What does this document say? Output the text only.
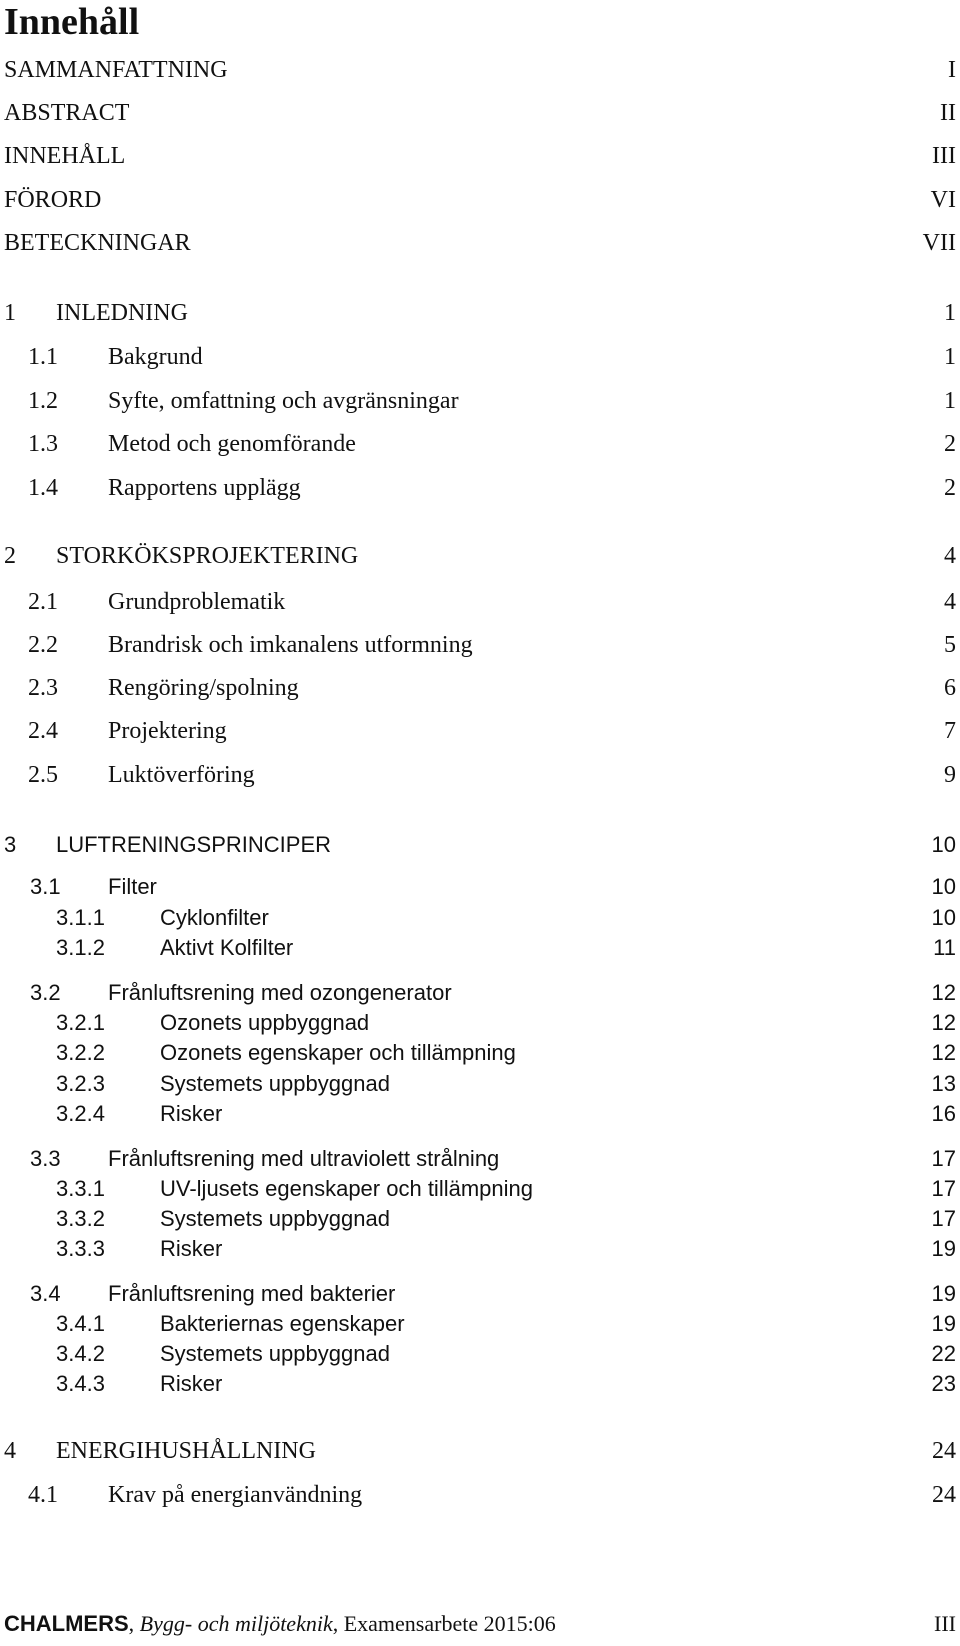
Innehåll
SAMMANFATTNING	I
ABSTRACT	II
INNEHÅLL	III
FÖRORD	VI
BETECKNINGAR	VII
1 INLEDNING	1
1.1 Bakgrund	1
1.2 Syfte, omfattning och avgränsningar	1
1.3 Metod och genomförande	2
1.4 Rapportens upplägg	2
2 STORKÖKSPROJEKTERING	4
2.1 Grundproblematik	4
2.2 Brandrisk och imkanalens utformning	5
2.3 Rengöring/spolning	6
2.4 Projektering	7
2.5 Luktöverföring	9
3 LUFTRENINGSPRINCIPER	10
3.1 Filter	10
3.1.1	Cyklonfilter	10
3.1.2	Aktivt Kolfilter	11
3.2 Frånluftsrening med ozongenerator	12
3.2.1	Ozonets uppbyggnad	12
3.2.2	Ozonets egenskaper och tillämpning	12
3.2.3	Systemets uppbyggnad	13
3.2.4	Risker	16
3.3 Frånluftsrening med ultraviolett strålning	17
3.3.1	UV-ljusets egenskaper och tillämpning	17
3.3.2	Systemets uppbyggnad	17
3.3.3	Risker	19
3.4 Frånluftsrening med bakterier	19
3.4.1	Bakteriernas egenskaper	19
3.4.2	Systemets uppbyggnad	22
3.4.3	Risker	23
4 ENERGIHUSHÅLLNING	24
4.1 Krav på energianvändning	24
CHALMERS, Bygg- och miljöteknik, Examensarbete 2015:06	III
